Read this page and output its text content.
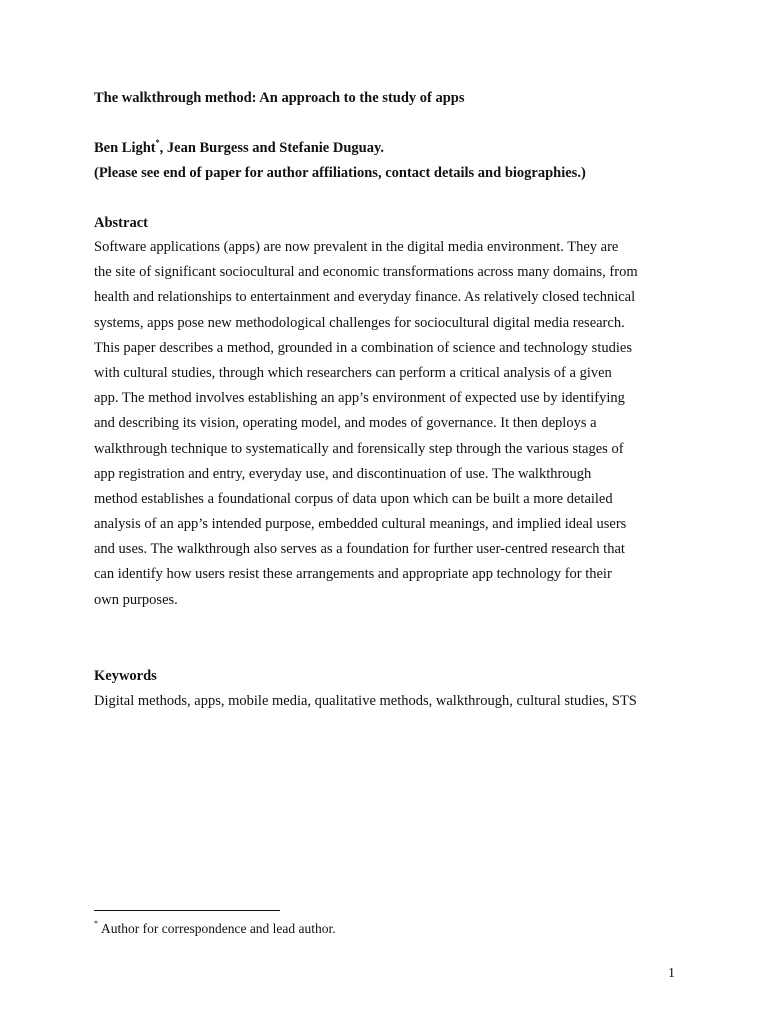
The walkthrough method: An approach to the study of apps
Ben Light*, Jean Burgess and Stefanie Duguay.
(Please see end of paper for author affiliations, contact details and biographies.)
Abstract

Software applications (apps) are now prevalent in the digital media environment. They are
the site of significant sociocultural and economic transformations across many domains, from
health and relationships to entertainment and everyday finance. As relatively closed technical
systems, apps pose new methodological challenges for sociocultural digital media research.
This paper describes a method, grounded in a combination of science and technology studies
with cultural studies, through which researchers can perform a critical analysis of a given
app. The method involves establishing an app’s environment of expected use by identifying
and describing its vision, operating model, and modes of governance. It then deploys a
walkthrough technique to systematically and forensically step through the various stages of
app registration and entry, everyday use, and discontinuation of use. The walkthrough
method establishes a foundational corpus of data upon which can be built a more detailed
analysis of an app’s intended purpose, embedded cultural meanings, and implied ideal users
and uses. The walkthrough also serves as a foundation for further user-centred research that
can identify how users resist these arrangements and appropriate app technology for their
own purposes.

Keywords
Digital methods, apps, mobile media, qualitative methods, walkthrough, cultural studies, STS
* Author for correspondence and lead author.
1
